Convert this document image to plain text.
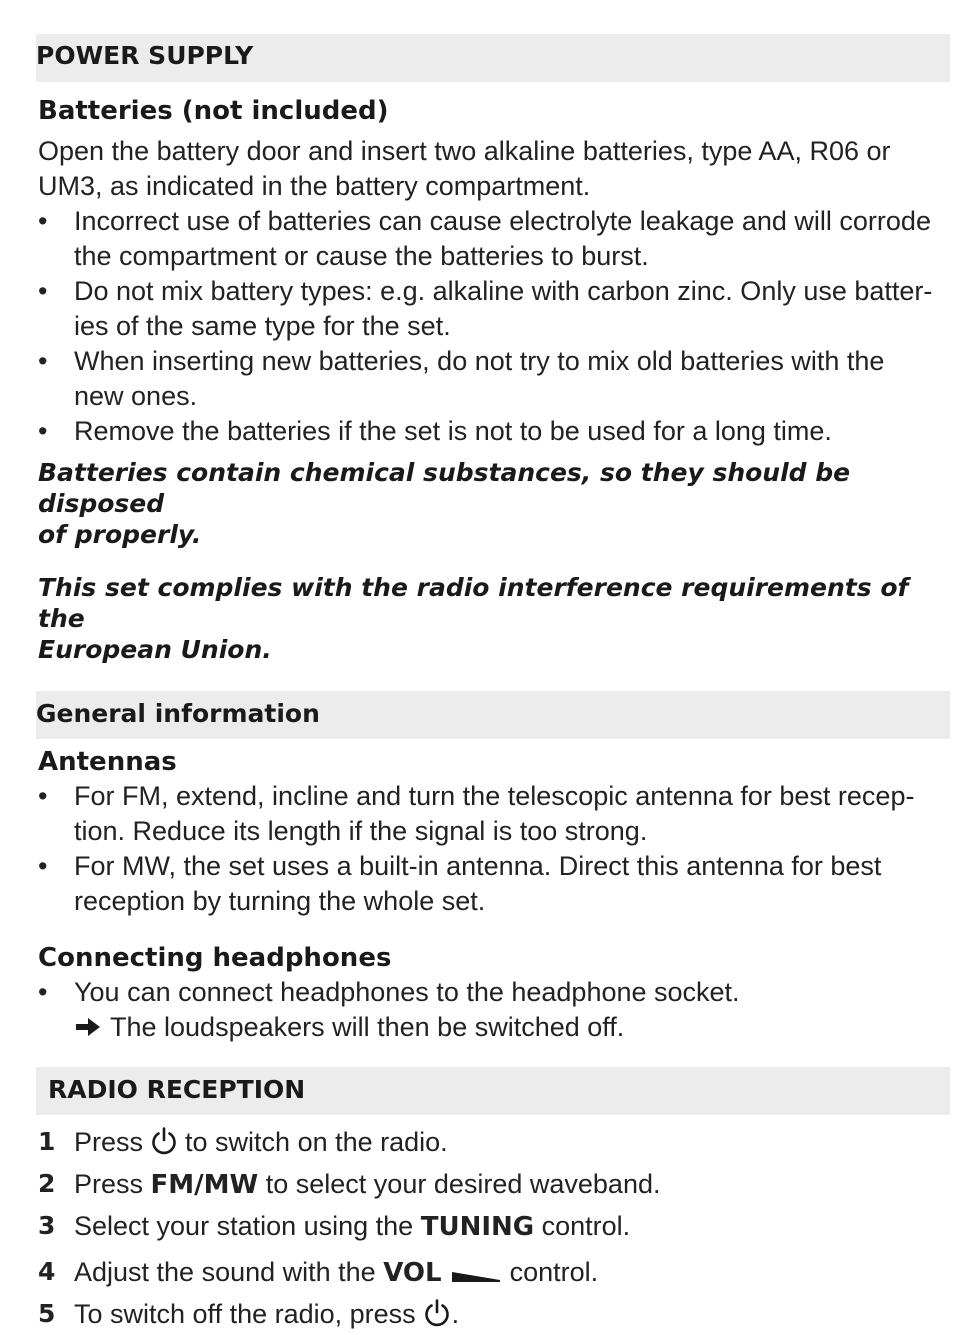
POWER SUPPLY
Batteries (not included)
Open the battery door and insert two alkaline batteries, type AA, R06 or
UM3, as indicated in the battery compartment.
• Incorrect use of batteries can cause electrolyte leakage and will corrode
the compartment or cause the batteries to burst.
• Do not mix battery types: e.g. alkaline with carbon zinc. Only use batter-
ies of the same type for the set.
• When inserting new batteries, do not try to mix old batteries with the
new ones.
• Remove the batteries if the set is not to be used for a long time.
Batteries contain chemical substances, so they should be disposed
of properly.
This set complies with the radio interference requirements of the
European Union.
General information
Antennas
• For FM, extend, incline and turn the telescopic antenna for best recep-
tion. Reduce its length if the signal is too strong.
• For MW, the set uses a built-in antenna. Direct this antenna for best
reception by turning the whole set.
Connecting headphones
• You can connect headphones to the headphone socket.
The loudspeakers will then be switched off.
RADIO RECEPTION
1 Press to switch on the radio.
2 Press FM/MW to select your desired waveband.
3 Select your station using the TUNING control.
4 Adjust the sound with the VOL	control.
5 To switch off the radio, press .
